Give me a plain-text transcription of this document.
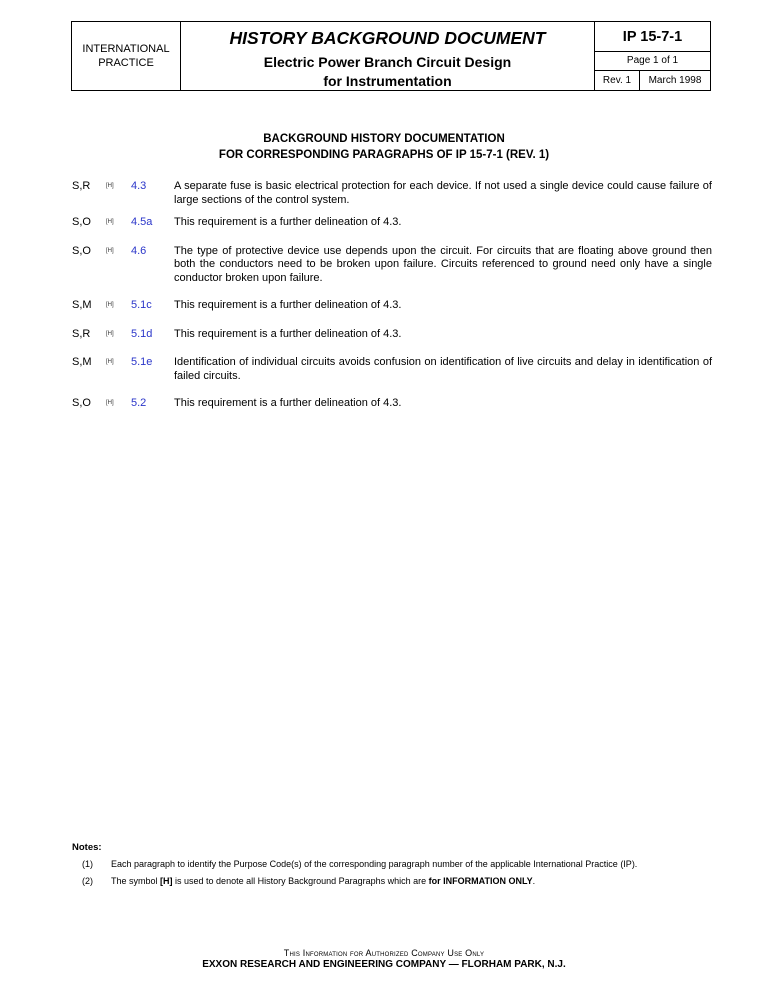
INTERNATIONAL
PRACTICE
HISTORY BACKGROUND DOCUMENT
Electric Power Branch Circuit Design
for Instrumentation
IP 15-7-1
Page 1 of 1
Rev. 1	March 1998
BACKGROUND HISTORY DOCUMENTATION
FOR CORRESPONDING PARAGRAPHS OF IP 15-7-1 (REV. 1)
S,R	[H] 4.3	A separate fuse is basic electrical protection for each device. If not used a single device could cause failure of large sections of the control system.
S,O	[H] 4.5a This requirement is a further delineation of 4.3.
S,O	[H] 4.6	The type of protective device use depends upon the circuit. For circuits that are floating above ground then both the conductors need to be broken upon failure. Circuits referenced to ground need only have a single conductor broken upon failure.
S,M [H] 5.1c This requirement is a further delineation of 4.3.
S,R	[H] 5.1d This requirement is a further delineation of 4.3.
S,M [H] 5.1e Identification of individual circuits avoids confusion on identification of live circuits and delay in identification of failed circuits.
S,O	[H] 5.2	This requirement is a further delineation of 4.3.
Notes:
(1) Each paragraph to identify the Purpose Code(s) of the corresponding paragraph number of the applicable International Practice (IP).
(2) The symbol [H] is used to denote all History Background Paragraphs which are for INFORMATION ONLY.
This Information for Authorized Company Use Only
EXXON RESEARCH AND ENGINEERING COMPANY — FLORHAM PARK, N.J.
